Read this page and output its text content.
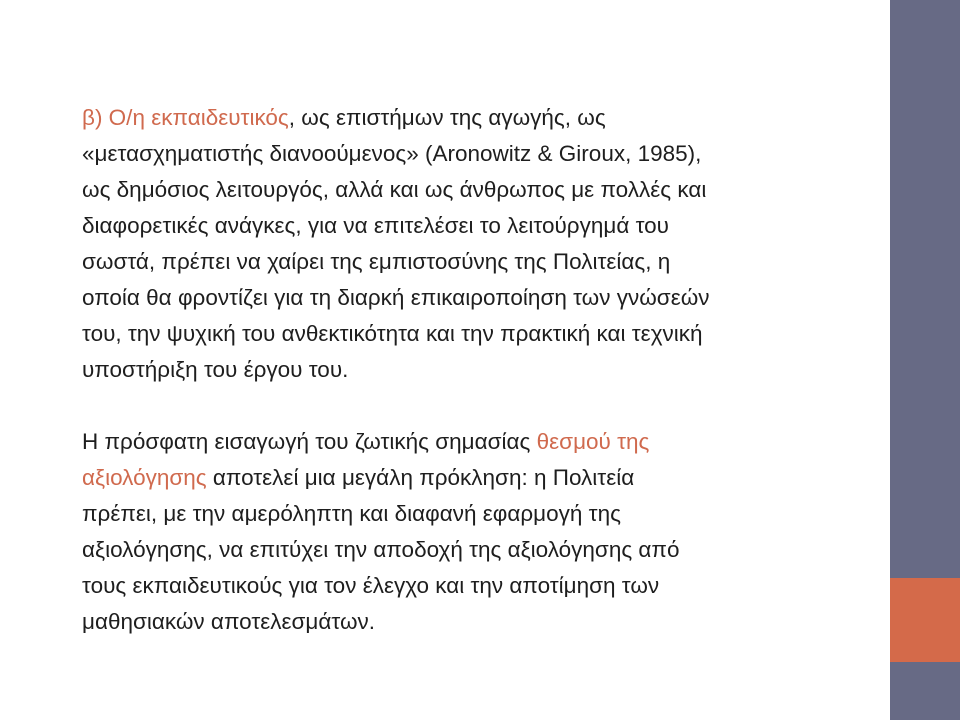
β) Ο/η εκπαιδευτικός, ως επιστήμων της αγωγής, ως
«μετασχηματιστής διανοούμενος» (Aronowitz & Giroux, 1985),
ως δημόσιος λειτουργός, αλλά και ως άνθρωπος με πολλές και
διαφορετικές ανάγκες, για να επιτελέσει το λειτούργημά του
σωστά, πρέπει να χαίρει της εμπιστοσύνης της Πολιτείας, η
οποία θα φροντίζει για τη διαρκή επικαιροποίηση των γνώσεών
του, την ψυχική του ανθεκτικότητα και την πρακτική και τεχνική
υποστήριξη του έργου του.

Η πρόσφατη εισαγωγή του ζωτικής σημασίας θεσμού της
αξιολόγησης αποτελεί μια μεγάλη πρόκληση: η Πολιτεία
πρέπει, με την αμερόληπτη και διαφανή εφαρμογή της
αξιολόγησης, να επιτύχει την αποδοχή της αξιολόγησης από
τους εκπαιδευτικούς για τον έλεγχο και την αποτίμηση των
μαθησιακών αποτελεσμάτων.
